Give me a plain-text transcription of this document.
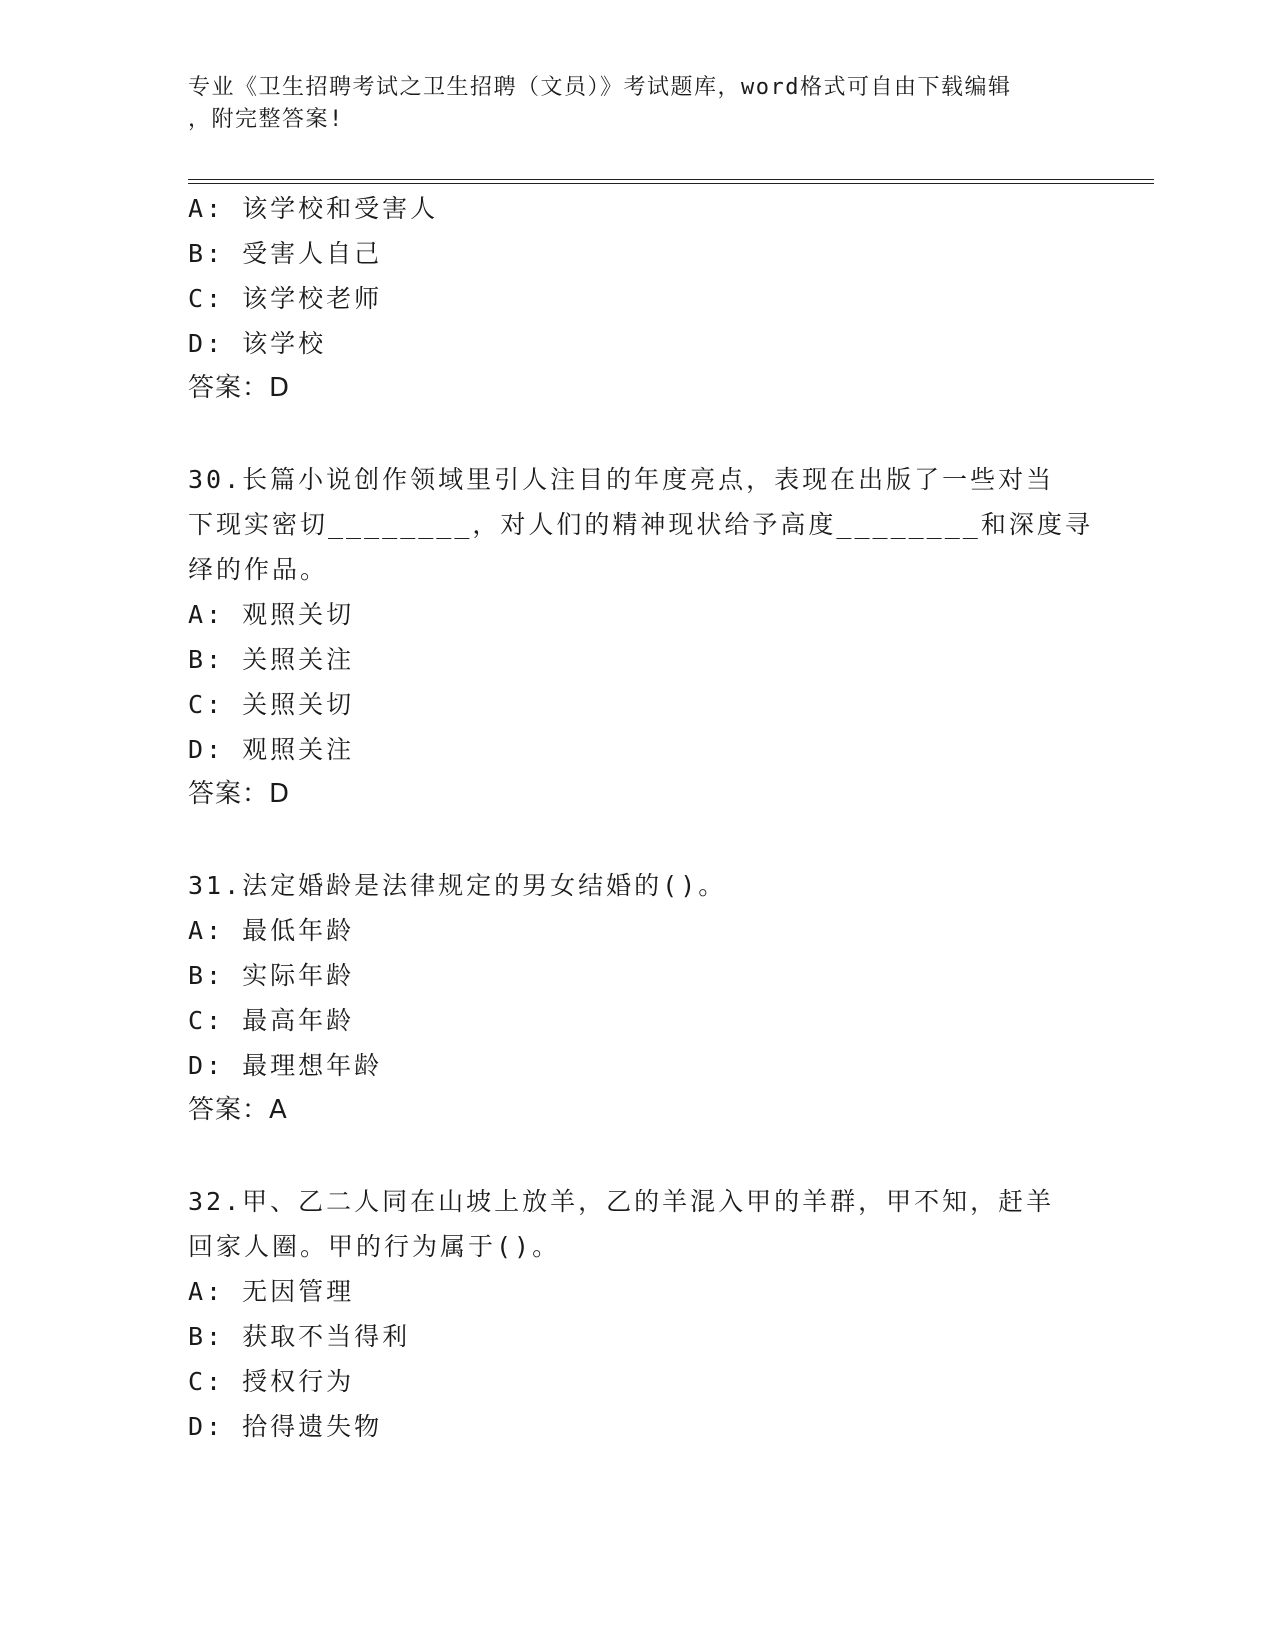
专业《卫生招聘考试之卫生招聘（文员）》考试题库，word格式可自由下载编辑
，附完整答案!
A: 该学校和受害人
B: 受害人自己
C: 该学校老师
D: 该学校
答案：D
30.长篇小说创作领域里引人注目的年度亮点，表现在出版了一些对当
下现实密切________，对人们的精神现状给予高度________和深度寻
绎的作品。
A: 观照关切
B: 关照关注
C: 关照关切
D: 观照关注
答案：D
31.法定婚龄是法律规定的男女结婚的()。
A: 最低年龄
B: 实际年龄
C: 最高年龄
D: 最理想年龄
答案：A
32.甲、乙二人同在山坡上放羊，乙的羊混入甲的羊群，甲不知，赶羊
回家人圈。甲的行为属于()。
A: 无因管理
B: 获取不当得利
C: 授权行为
D: 拾得遗失物
